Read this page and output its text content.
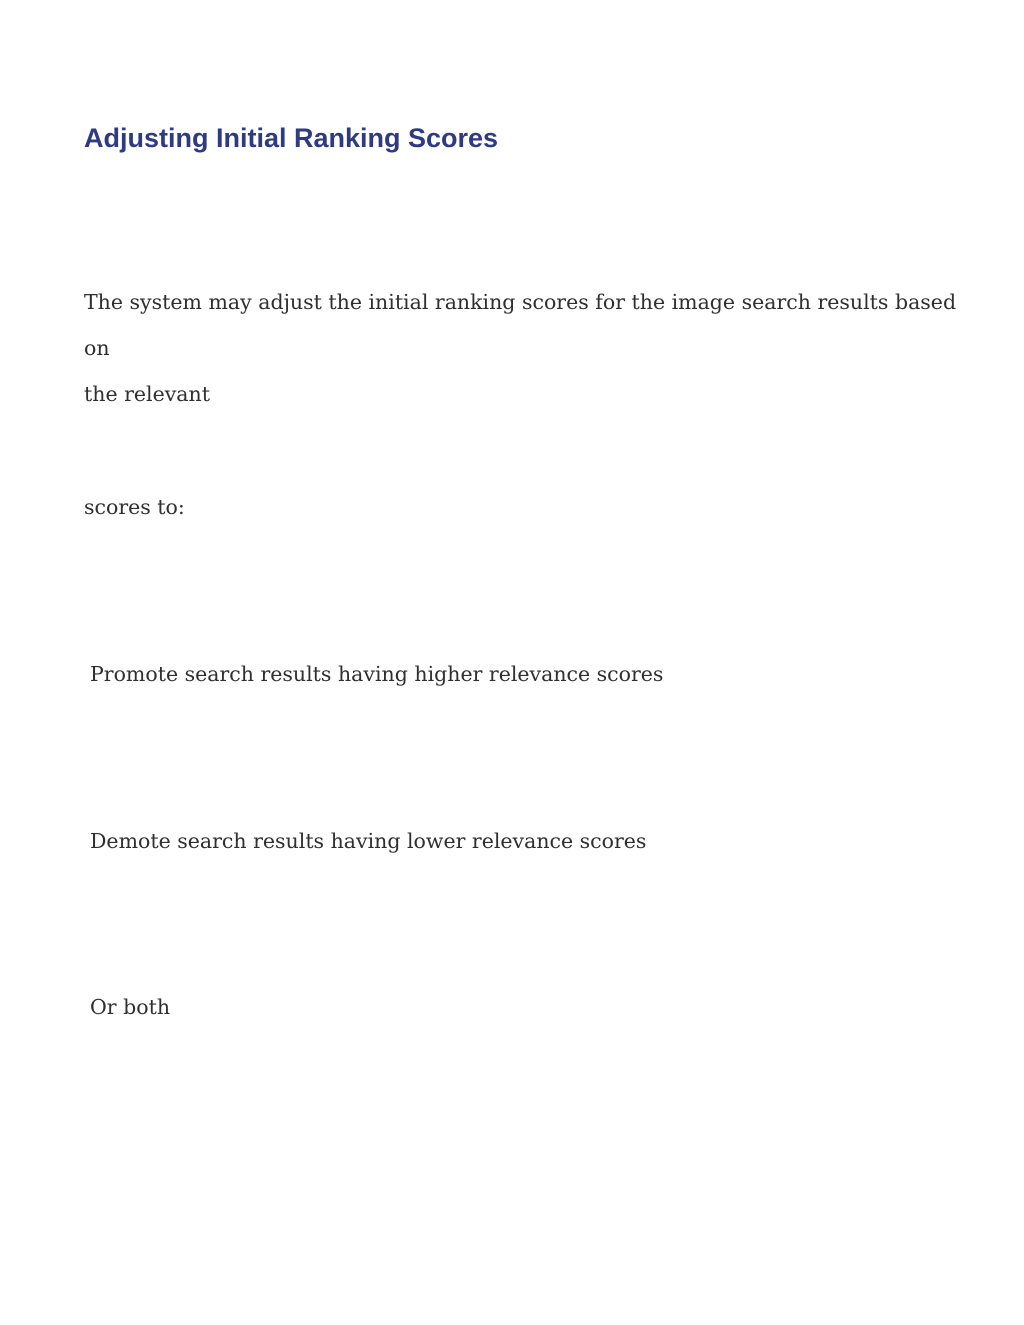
Adjusting Initial Ranking Scores

The system may adjust the initial ranking scores for the image search results based on
the relevant

scores to:

Promote search results having higher relevance scores

Demote search results having lower relevance scores

Or both
